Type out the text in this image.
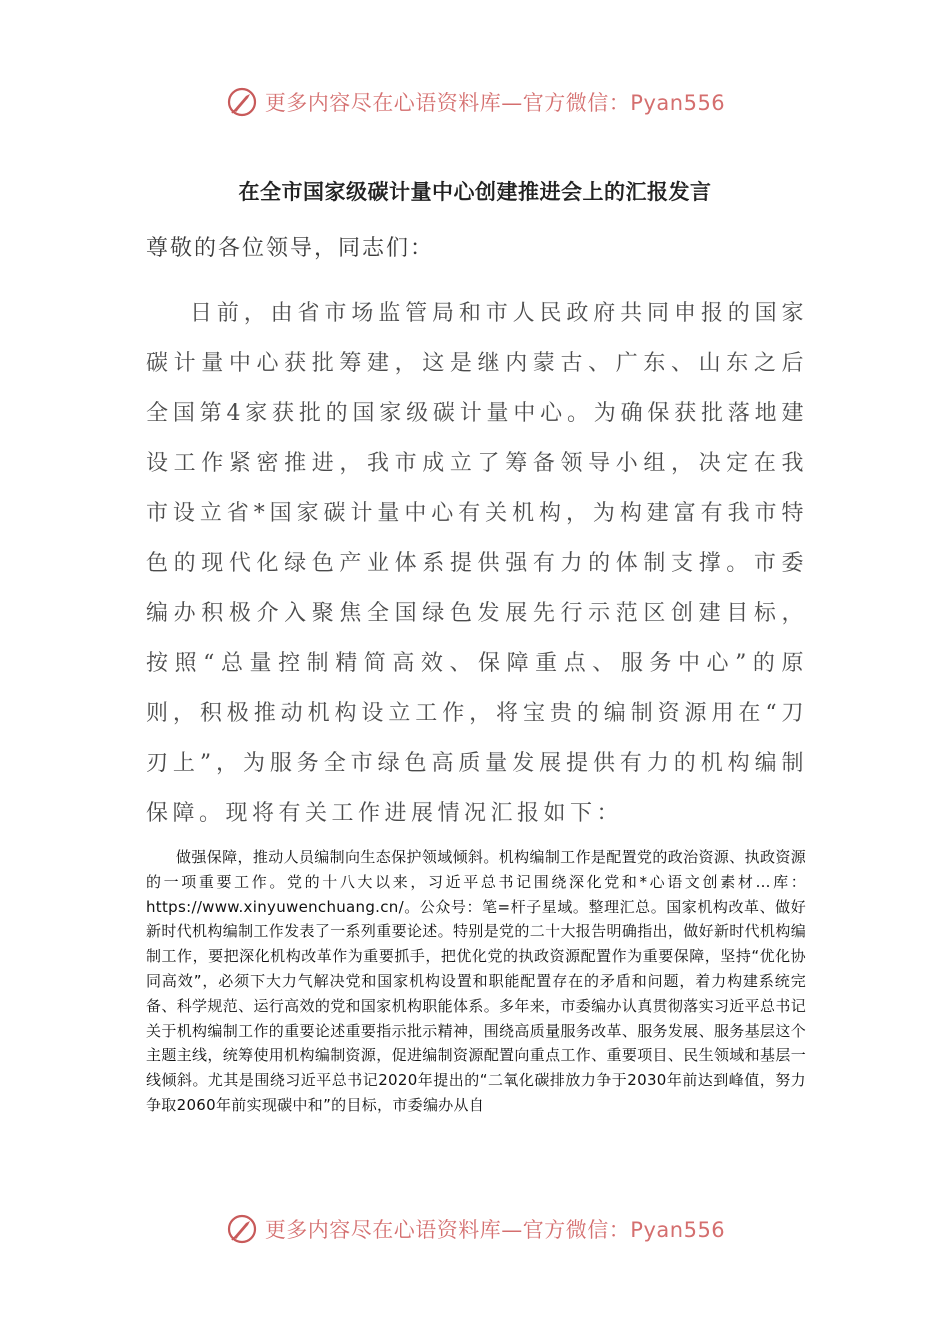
更多内容尽在心语资料库—官方微信：Pyan556
在全市国家级碳计量中心创建推进会上的汇报发言
尊敬的各位领导，同志们：
日前，由省市场监管局和市人民政府共同申报的国家碳计量中心获批筹建，这是继内蒙古、广东、山东之后全国第4家获批的国家级碳计量中心。为确保获批落地建设工作紧密推进，我市成立了筹备领导小组，决定在我市设立省*国家碳计量中心有关机构，为构建富有我市特色的现代化绿色产业体系提供强有力的体制支撑。市委编办积极介入聚焦全国绿色发展先行示范区创建目标，按照“总量控制精简高效、保障重点、服务中心”的原则，积极推动机构设立工作，将宝贵的编制资源用在“刀刃上”，为服务全市绿色高质量发展提供有力的机构编制保障。现将有关工作进展情况汇报如下：
做强保障，推动人员编制向生态保护领域倾斜。机构编制工作是配置党的政治资源、执政资源的一项重要工作。党的十八大以来，习近平总书记围绕深化党和*心语文创素材…库：https://www.xinyuwenchuang.cn/。公众号：笔=杆子星域。整理汇总。国家机构改革、做好新时代机构编制工作发表了一系列重要论述。特别是党的二十大报告明确指出，做好新时代机构编制工作，要把深化机构改革作为重要抓手，把优化党的执政资源配置作为重要保障，坚持“优化协同高效”，必须下大力气解决党和国家机构设置和职能配置存在的矛盾和问题，着力构建系统完备、科学规范、运行高效的党和国家机构职能体系。多年来，市委编办认真贯彻落实习近平总书记关于机构编制工作的重要论述重要指示批示精神，围绕高质量服务改革、服务发展、服务基层这个主题主线，统筹使用机构编制资源，促进编制资源配置向重点工作、重要项目、民生领域和基层一线倾斜。尤其是围绕习近平总书记2020年提出的“二氧化碳排放力争于2030年前达到峰值，努力争取2060年前实现碳中和”的目标，市委编办从自
更多内容尽在心语资料库—官方微信：Pyan556
